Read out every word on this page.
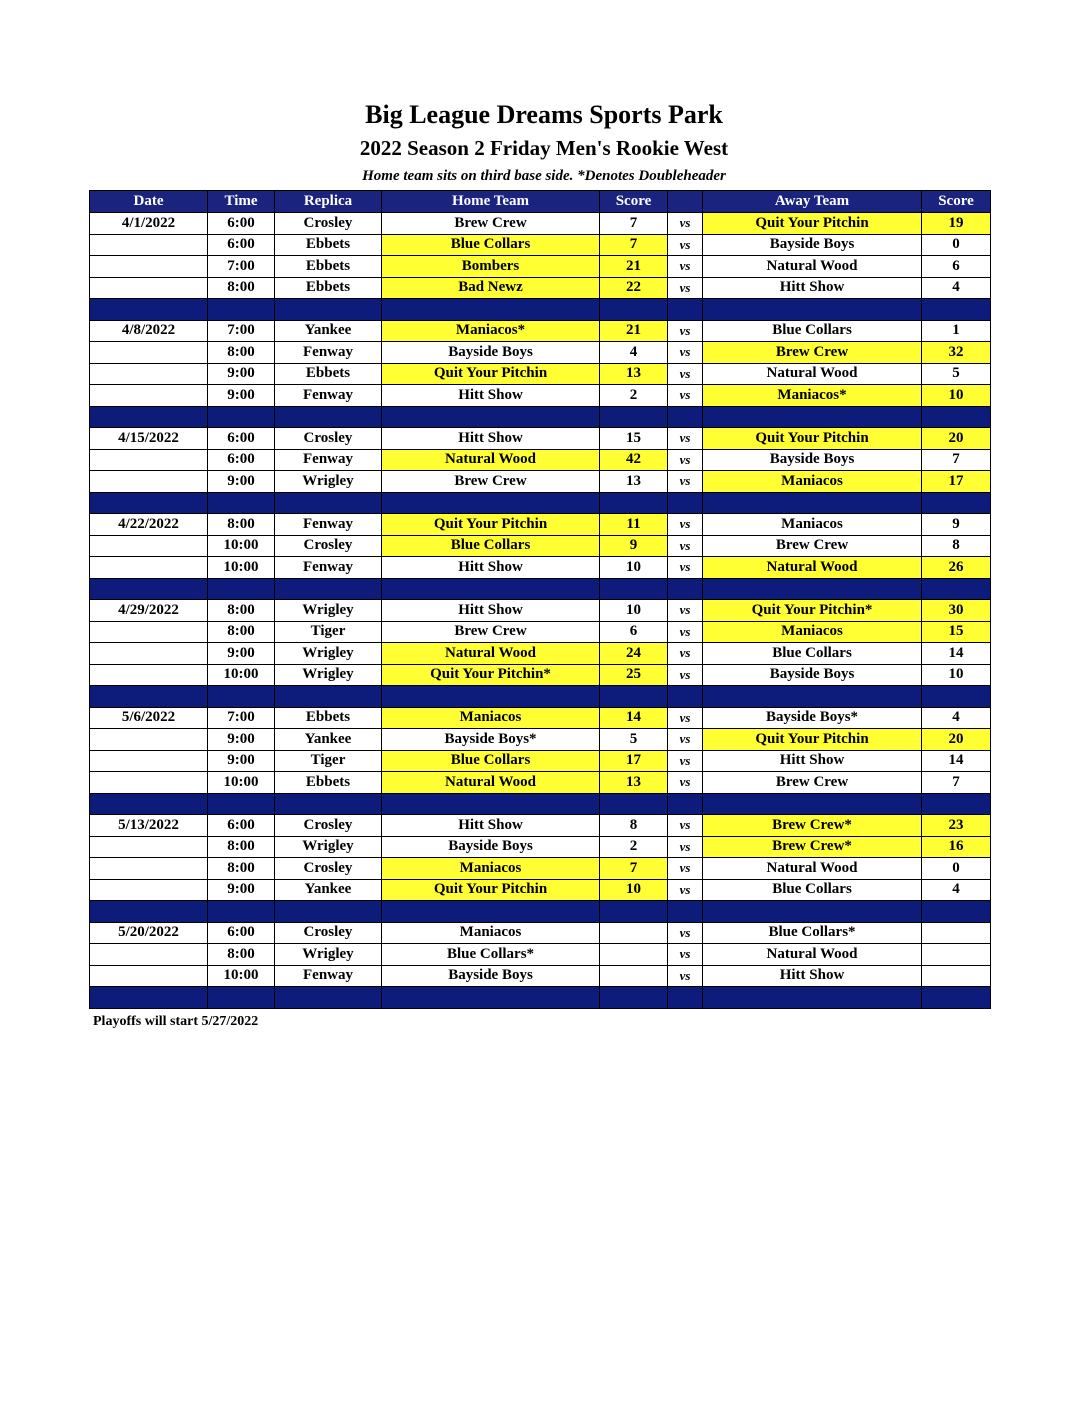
Big League Dreams Sports Park
2022 Season 2 Friday Men's Rookie West
Home team sits on third base side. *Denotes Doubleheader
Date	Time	Replica	Home Team	Score		Away Team	Score
4/1/2022	6:00	Crosley	Brew Crew	7	vs	Quit Your Pitchin	19
	6:00	Ebbets	Blue Collars	7	vs	Bayside Boys	0
	7:00	Ebbets	Bombers	21	vs	Natural Wood	6
	8:00	Ebbets	Bad Newz	22	vs	Hitt Show	4

4/8/2022	7:00	Yankee	Maniacos*	21	vs	Blue Collars	1
	8:00	Fenway	Bayside Boys	4	vs	Brew Crew	32
	9:00	Ebbets	Quit Your Pitchin	13	vs	Natural Wood	5
	9:00	Fenway	Hitt Show	2	vs	Maniacos*	10

4/15/2022	6:00	Crosley	Hitt Show	15	vs	Quit Your Pitchin	20
	6:00	Fenway	Natural Wood	42	vs	Bayside Boys	7
	9:00	Wrigley	Brew Crew	13	vs	Maniacos	17

4/22/2022	8:00	Fenway	Quit Your Pitchin	11	vs	Maniacos	9
	10:00	Crosley	Blue Collars	9	vs	Brew Crew	8
	10:00	Fenway	Hitt Show	10	vs	Natural Wood	26

4/29/2022	8:00	Wrigley	Hitt Show	10	vs	Quit Your Pitchin*	30
	8:00	Tiger	Brew Crew	6	vs	Maniacos	15
	9:00	Wrigley	Natural Wood	24	vs	Blue Collars	14
	10:00	Wrigley	Quit Your Pitchin*	25	vs	Bayside Boys	10

5/6/2022	7:00	Ebbets	Maniacos	14	vs	Bayside Boys*	4
	9:00	Yankee	Bayside Boys*	5	vs	Quit Your Pitchin	20
	9:00	Tiger	Blue Collars	17	vs	Hitt Show	14
	10:00	Ebbets	Natural Wood	13	vs	Brew Crew	7

5/13/2022	6:00	Crosley	Hitt Show	8	vs	Brew Crew*	23
	8:00	Wrigley	Bayside Boys	2	vs	Brew Crew*	16
	8:00	Crosley	Maniacos	7	vs	Natural Wood	0
	9:00	Yankee	Quit Your Pitchin	10	vs	Blue Collars	4

5/20/2022	6:00	Crosley	Maniacos		vs	Blue Collars*	
	8:00	Wrigley	Blue Collars*		vs	Natural Wood	
	10:00	Fenway	Bayside Boys		vs	Hitt Show	

Playoffs will start 5/27/2022
